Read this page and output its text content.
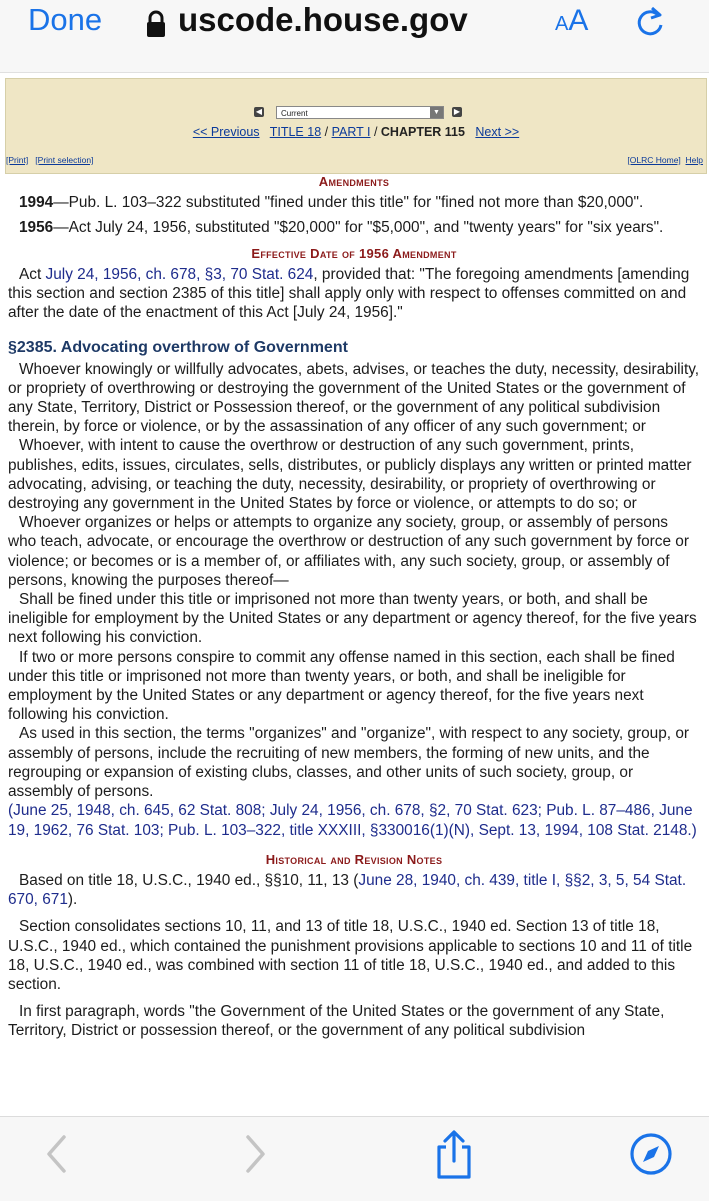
Done uscode.house.gov	AA
◀	Current	▼	▶
<< Previous TITLE 18 / PART I / CHAPTER 115 Next >>
[Print] [Print selection]	[OLRC Home] Help

Amendments

1994—Pub. L. 103–322 substituted "fined under this title" for "fined not more than $20,000".

1956—Act July 24, 1956, substituted "$20,000" for "$5,000", and "twenty years" for "six years".

Effective Date of 1956 Amendment

Act July 24, 1956, ch. 678, §3, 70 Stat. 624, provided that: "The foregoing amendments [amending this section and section 2385 of this title] shall apply only with respect to offenses committed on and after the date of the enactment of this Act [July 24, 1956]."

§2385. Advocating overthrow of Government

Whoever knowingly or willfully advocates, abets, advises, or teaches the duty, necessity, desirability, or propriety of overthrowing or destroying the government of the United States or the government of any State, Territory, District or Possession thereof, or the government of any political subdivision therein, by force or violence, or by the assassination of any officer of any such government; or

Whoever, with intent to cause the overthrow or destruction of any such government, prints, publishes, edits, issues, circulates, sells, distributes, or publicly displays any written or printed matter advocating, advising, or teaching the duty, necessity, desirability, or propriety of overthrowing or destroying any government in the United States by force or violence, or attempts to do so; or

Whoever organizes or helps or attempts to organize any society, group, or assembly of persons who teach, advocate, or encourage the overthrow or destruction of any such government by force or violence; or becomes or is a member of, or affiliates with, any such society, group, or assembly of persons, knowing the purposes thereof—

Shall be fined under this title or imprisoned not more than twenty years, or both, and shall be ineligible for employment by the United States or any department or agency thereof, for the five years next following his conviction.

If two or more persons conspire to commit any offense named in this section, each shall be fined under this title or imprisoned not more than twenty years, or both, and shall be ineligible for employment by the United States or any department or agency thereof, for the five years next following his conviction.

As used in this section, the terms "organizes" and "organize", with respect to any society, group, or assembly of persons, include the recruiting of new members, the forming of new units, and the regrouping or expansion of existing clubs, classes, and other units of such society, group, or assembly of persons.

(June 25, 1948, ch. 645, 62 Stat. 808; July 24, 1956, ch. 678, §2, 70 Stat. 623; Pub. L. 87–486, June 19, 1962, 76 Stat. 103; Pub. L. 103–322, title XXXIII, §330016(1)(N), Sept. 13, 1994, 108 Stat. 2148.)

Historical and Revision Notes

Based on title 18, U.S.C., 1940 ed., §§10, 11, 13 (June 28, 1940, ch. 439, title I, §§2, 3, 5, 54 Stat. 670, 671).

Section consolidates sections 10, 11, and 13 of title 18, U.S.C., 1940 ed. Section 13 of title 18, U.S.C., 1940 ed., which contained the punishment provisions applicable to sections 10 and 11 of title 18, U.S.C., 1940 ed., was combined with section 11 of title 18, U.S.C., 1940 ed., and added to this section.

In first paragraph, words "the Government of the United States or the government of any State, Territory, District or possession thereof, or the government of any political subdivision
